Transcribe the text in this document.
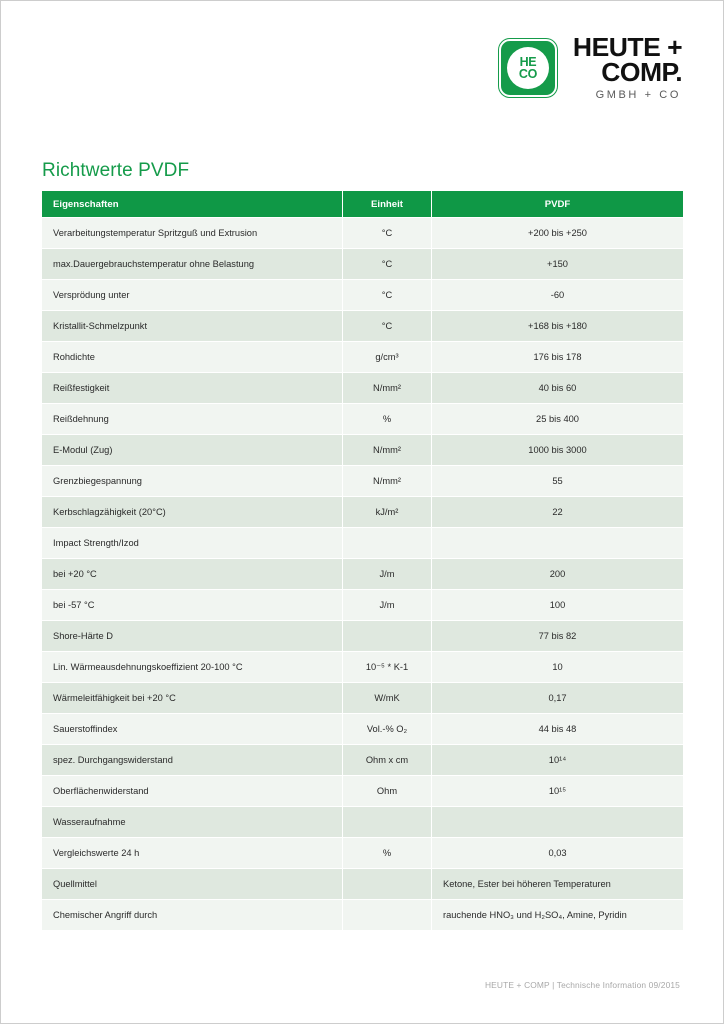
HE
CO
HEUTE +
COMP.
GMBH + CO
Richtwerte PVDF
Eigenschaften	Einheit	PVDF
Verarbeitungstemperatur Spritzguß und Extrusion	°C	+200 bis +250
max.Dauergebrauchstemperatur ohne Belastung	°C	+150
Versprödung unter	°C	-60
Kristallit-Schmelzpunkt	°C	+168 bis +180
Rohdichte	g/cm³	176 bis 178
Reißfestigkeit	N/mm²	40 bis 60
Reißdehnung	%	25 bis 400
E-Modul (Zug)	N/mm²	1000 bis 3000
Grenzbiegespannung	N/mm²	55
Kerbschlagzähigkeit (20°C)	kJ/m²	22
Impact Strength/Izod		
bei +20 °C	J/m	200
bei -57 °C	J/m	100
Shore-Härte D		77 bis 82
Lin. Wärmeausdehnungskoeffizient 20-100 °C	10⁻⁵ * K-1	10
Wärmeleitfähigkeit bei +20 °C	W/mK	0,17
Sauerstoffindex	Vol.-% O₂	44 bis 48
spez. Durchgangswiderstand	Ohm x cm	10¹⁴
Oberflächenwiderstand	Ohm	10¹⁵
Wasseraufnahme		
Vergleichswerte 24 h	%	0,03
Quellmittel		Ketone, Ester bei höheren Temperaturen
Chemischer Angriff durch		rauchende HNO₃ und H₂SO₄, Amine, Pyridin
HEUTE + COMP | Technische Information 09/2015
